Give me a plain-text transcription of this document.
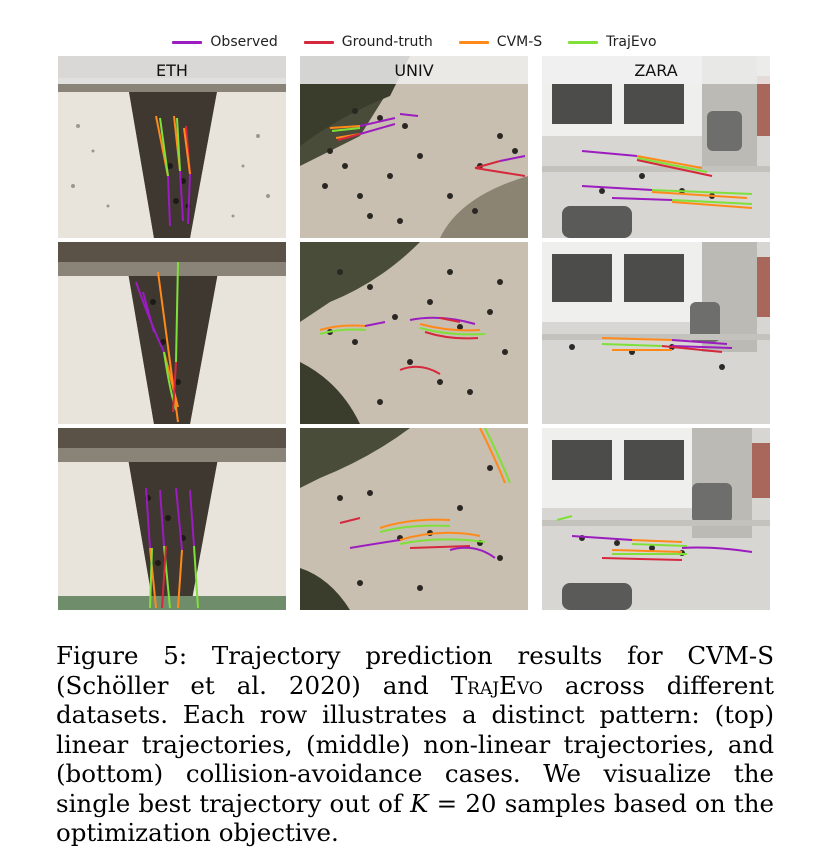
Observed	Ground-truth	CVM-S	TrajEvo
ETH	UNIV	ZARA

Figure 5: Trajectory prediction results for CVM-S (Schöller et al. 2020) and TrajEvo across different datasets. Each row illustrates a distinct pattern: (top) linear trajectories, (middle) non-linear trajectories, and (bottom) collision-avoidance cases. We visualize the single best trajectory out of K = 20 samples based on the optimization objective.
